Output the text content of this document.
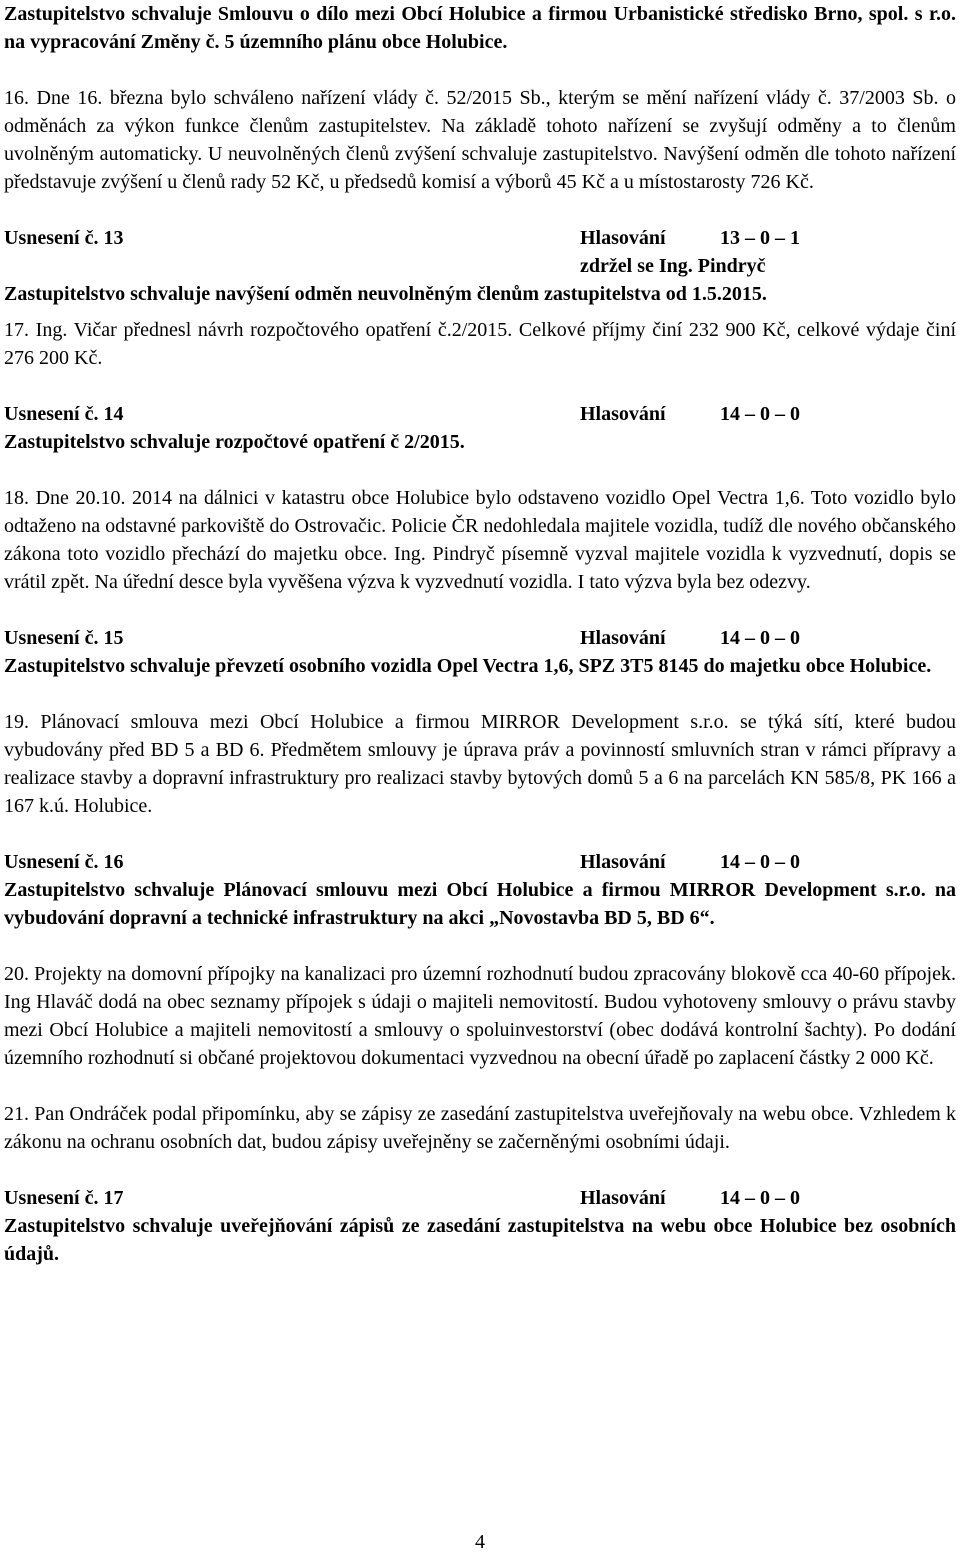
Zastupitelstvo schvaluje Smlouvu o dílo mezi Obcí Holubice a firmou Urbanistické středisko Brno, spol. s r.o. na vypracování Změny č. 5 územního plánu obce Holubice.

16. Dne 16. března bylo schváleno nařízení vlády č. 52/2015 Sb., kterým se mění nařízení vlády č. 37/2003 Sb. o odměnách za výkon funkce členům zastupitelstev. Na základě tohoto nařízení se zvyšují odměny a to členům uvolněným automaticky. U neuvolněných členů zvýšení schvaluje zastupitelstvo. Navýšení odměn dle tohoto nařízení představuje zvýšení u členů rady 52 Kč, u předsedů komisí a výborů 45 Kč a u místostarosty 726 Kč.

Usnesení č. 13	Hlasování	13 – 0 – 1
zdržel se Ing. Pindryč

Zastupitelstvo schvaluje navýšení odměn neuvolněným členům zastupitelstva od 1.5.2015.

17. Ing. Vičar přednesl návrh rozpočtového opatření č.2/2015. Celkové příjmy činí 232 900 Kč, celkové výdaje činí 276 200 Kč.

Usnesení č. 14	Hlasování	14 – 0 – 0

Zastupitelstvo schvaluje rozpočtové opatření č 2/2015.

18. Dne 20.10. 2014 na dálnici v katastru obce Holubice bylo odstaveno vozidlo Opel Vectra 1,6. Toto vozidlo bylo odtaženo na odstavné parkoviště do Ostrovačic. Policie ČR nedohledala majitele vozidla, tudíž dle nového občanského zákona toto vozidlo přechází do majetku obce. Ing. Pindryč písemně vyzval majitele vozidla k vyzvednutí, dopis se vrátil zpět. Na úřední desce byla vyvěšena výzva k vyzvednutí vozidla. I tato výzva byla bez odezvy.

Usnesení č. 15	Hlasování	14 – 0 – 0

Zastupitelstvo schvaluje převzetí osobního vozidla Opel Vectra 1,6, SPZ 3T5 8145 do majetku obce Holubice.

19. Plánovací smlouva mezi Obcí Holubice a firmou MIRROR Development s.r.o. se týká sítí, které budou vybudovány před BD 5 a BD 6. Předmětem smlouvy je úprava práv a povinností smluvních stran v rámci přípravy a realizace stavby a dopravní infrastruktury pro realizaci stavby bytových domů 5 a 6 na parcelách KN 585/8, PK 166 a 167 k.ú. Holubice.

Usnesení č. 16	Hlasování	14 – 0 – 0

Zastupitelstvo schvaluje Plánovací smlouvu mezi Obcí Holubice a firmou MIRROR Development s.r.o. na vybudování dopravní a technické infrastruktury na akci „Novostavba BD 5, BD 6“.

20. Projekty na domovní přípojky na kanalizaci pro územní rozhodnutí budou zpracovány blokově cca 40-60 přípojek. Ing Hlaváč dodá na obec seznamy přípojek s údaji o majiteli nemovitostí. Budou vyhotoveny smlouvy o právu stavby mezi Obcí Holubice a majiteli nemovitostí a smlouvy o spoluinvestorství (obec dodává kontrolní šachty). Po dodání územního rozhodnutí si občané projektovou dokumentaci vyzvednou na obecní úřadě po zaplacení částky 2 000 Kč.

21. Pan Ondráček podal připomínku, aby se zápisy ze zasedání zastupitelstva uveřejňovaly na webu obce. Vzhledem k zákonu na ochranu osobních dat, budou zápisy uveřejněny se začerněnými osobními údaji.

Usnesení č. 17	Hlasování	14 – 0 – 0

Zastupitelstvo schvaluje uveřejňování zápisů ze zasedání zastupitelstva na webu obce Holubice bez osobních údajů.

4
